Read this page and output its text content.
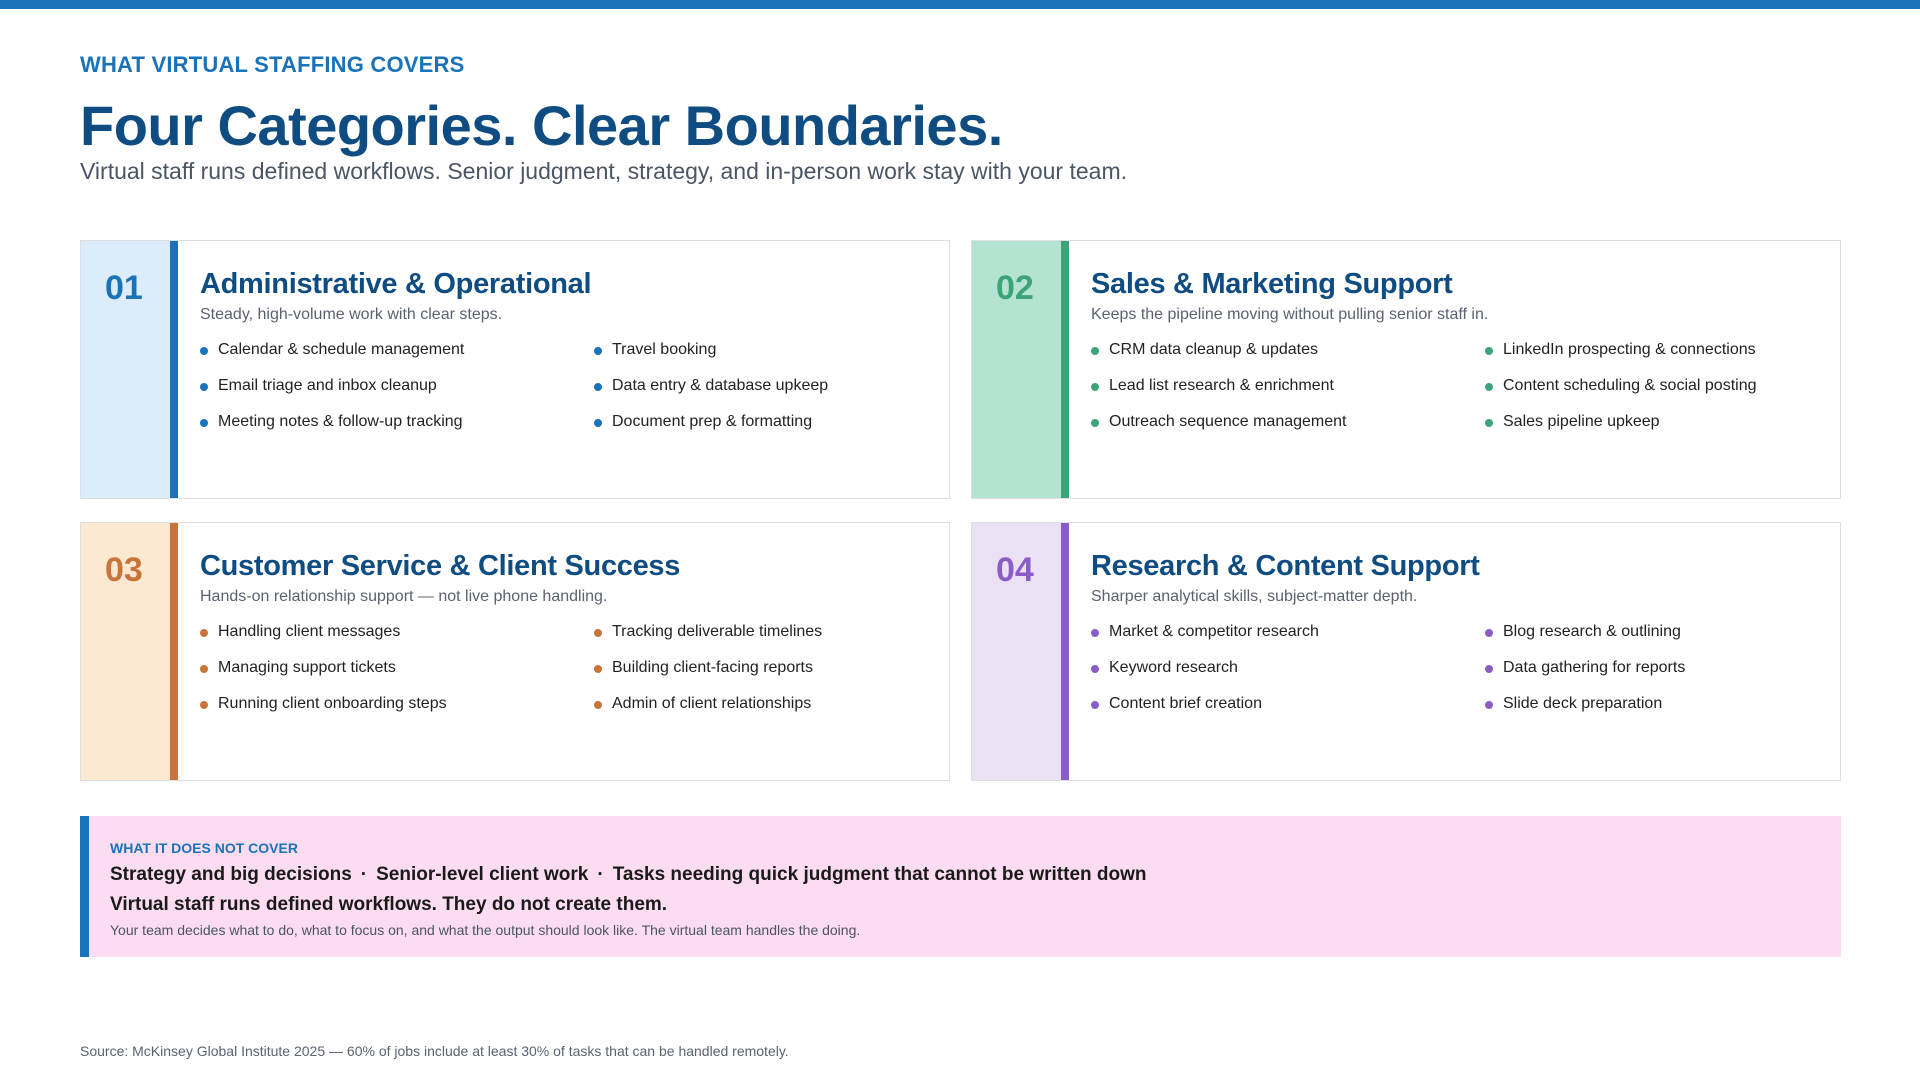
WHAT VIRTUAL STAFFING COVERS
Four Categories. Clear Boundaries.
Virtual staff runs defined workflows. Senior judgment, strategy, and in-person work stay with your team.
01 Administrative & Operational
Steady, high-volume work with clear steps.
Calendar & schedule management
Email triage and inbox cleanup
Meeting notes & follow-up tracking
Travel booking
Data entry & database upkeep
Document prep & formatting
02 Sales & Marketing Support
Keeps the pipeline moving without pulling senior staff in.
CRM data cleanup & updates
Lead list research & enrichment
Outreach sequence management
LinkedIn prospecting & connections
Content scheduling & social posting
Sales pipeline upkeep
03 Customer Service & Client Success
Hands-on relationship support — not live phone handling.
Handling client messages
Managing support tickets
Running client onboarding steps
Tracking deliverable timelines
Building client-facing reports
Admin of client relationships
04 Research & Content Support
Sharper analytical skills, subject-matter depth.
Market & competitor research
Keyword research
Content brief creation
Blog research & outlining
Data gathering for reports
Slide deck preparation
WHAT IT DOES NOT COVER
Strategy and big decisions · Senior-level client work · Tasks needing quick judgment that cannot be written down
Virtual staff runs defined workflows. They do not create them.
Your team decides what to do, what to focus on, and what the output should look like. The virtual team handles the doing.
Source: McKinsey Global Institute 2025 — 60% of jobs include at least 30% of tasks that can be handled remotely.
